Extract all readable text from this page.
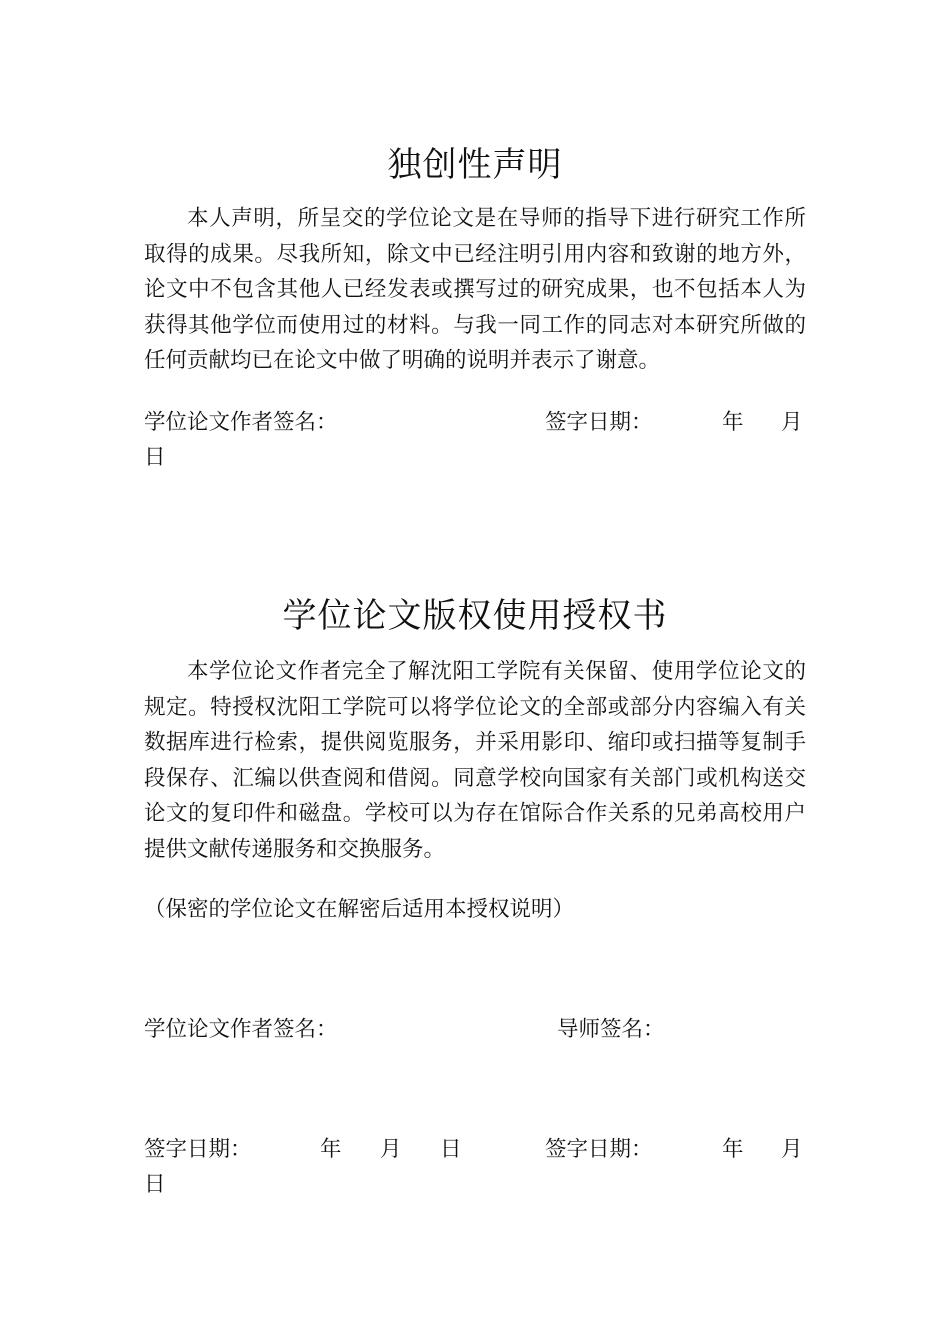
独创性声明

本人声明，所呈交的学位论文是在导师的指导下进行研究工作所取得的成果。尽我所知，除文中已经注明引用内容和致谢的地方外，论文中不包含其他人已经发表或撰写过的研究成果，也不包括本人为获得其他学位而使用过的材料。与我一同工作的同志对本研究所做的任何贡献均已在论文中做了明确的说明并表示了谢意。

学位论文作者签名：	签字日期：	年 月
日
学位论文版权使用授权书

本学位论文作者完全了解沈阳工学院有关保留、使用学位论文的规定。特授权沈阳工学院可以将学位论文的全部或部分内容编入有关数据库进行检索，提供阅览服务，并采用影印、缩印或扫描等复制手段保存、汇编以供查阅和借阅。同意学校向国家有关部门或机构送交论文的复印件和磁盘。学校可以为存在馆际合作关系的兄弟高校用户提供文献传递服务和交换服务。

（保密的学位论文在解密后适用本授权说明）
学位论文作者签名：	导师签名：
签字日期：	年 月 日	签字日期：	年 月
日
